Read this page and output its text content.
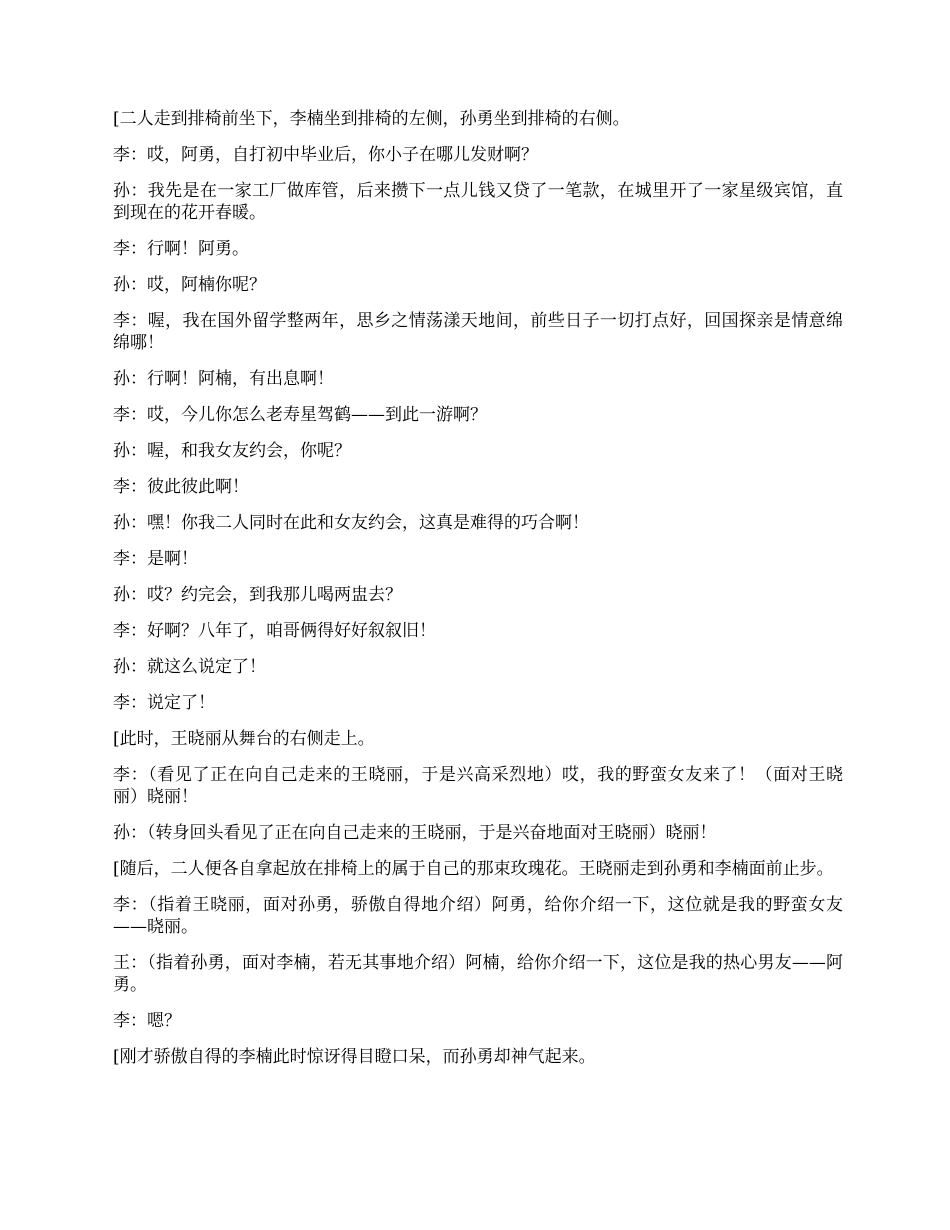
[二人走到排椅前坐下，李楠坐到排椅的左侧，孙勇坐到排椅的右侧。

李：哎，阿勇，自打初中毕业后，你小子在哪儿发财啊？

孙：我先是在一家工厂做库管，后来攒下一点儿钱又贷了一笔款，在城里开了一家星级宾馆，直到现在的花开春暖。

李：行啊！阿勇。

孙：哎，阿楠你呢？

李：喔，我在国外留学整两年，思乡之情荡漾天地间，前些日子一切打点好，回国探亲是情意绵绵哪！

孙：行啊！阿楠，有出息啊！

李：哎，今儿你怎么老寿星驾鹤——到此一游啊？

孙：喔，和我女友约会，你呢？

李：彼此彼此啊！

孙：嘿！你我二人同时在此和女友约会，这真是难得的巧合啊！

李：是啊！

孙：哎？约完会，到我那儿喝两盅去？

李：好啊？八年了，咱哥俩得好好叙叙旧！

孙：就这么说定了！

李：说定了！

[此时，王晓丽从舞台的右侧走上。

李：（看见了正在向自己走来的王晓丽，于是兴高采烈地）哎，我的野蛮女友来了！（面对王晓丽）晓丽！

孙：（转身回头看见了正在向自己走来的王晓丽，于是兴奋地面对王晓丽）晓丽！

[随后，二人便各自拿起放在排椅上的属于自己的那束玫瑰花。王晓丽走到孙勇和李楠面前止步。

李：（指着王晓丽，面对孙勇，骄傲自得地介绍）阿勇，给你介绍一下，这位就是我的野蛮女友——晓丽。

王：（指着孙勇，面对李楠，若无其事地介绍）阿楠，给你介绍一下，这位是我的热心男友——阿勇。

李：嗯？

[刚才骄傲自得的李楠此时惊讶得目瞪口呆，而孙勇却神气起来。
